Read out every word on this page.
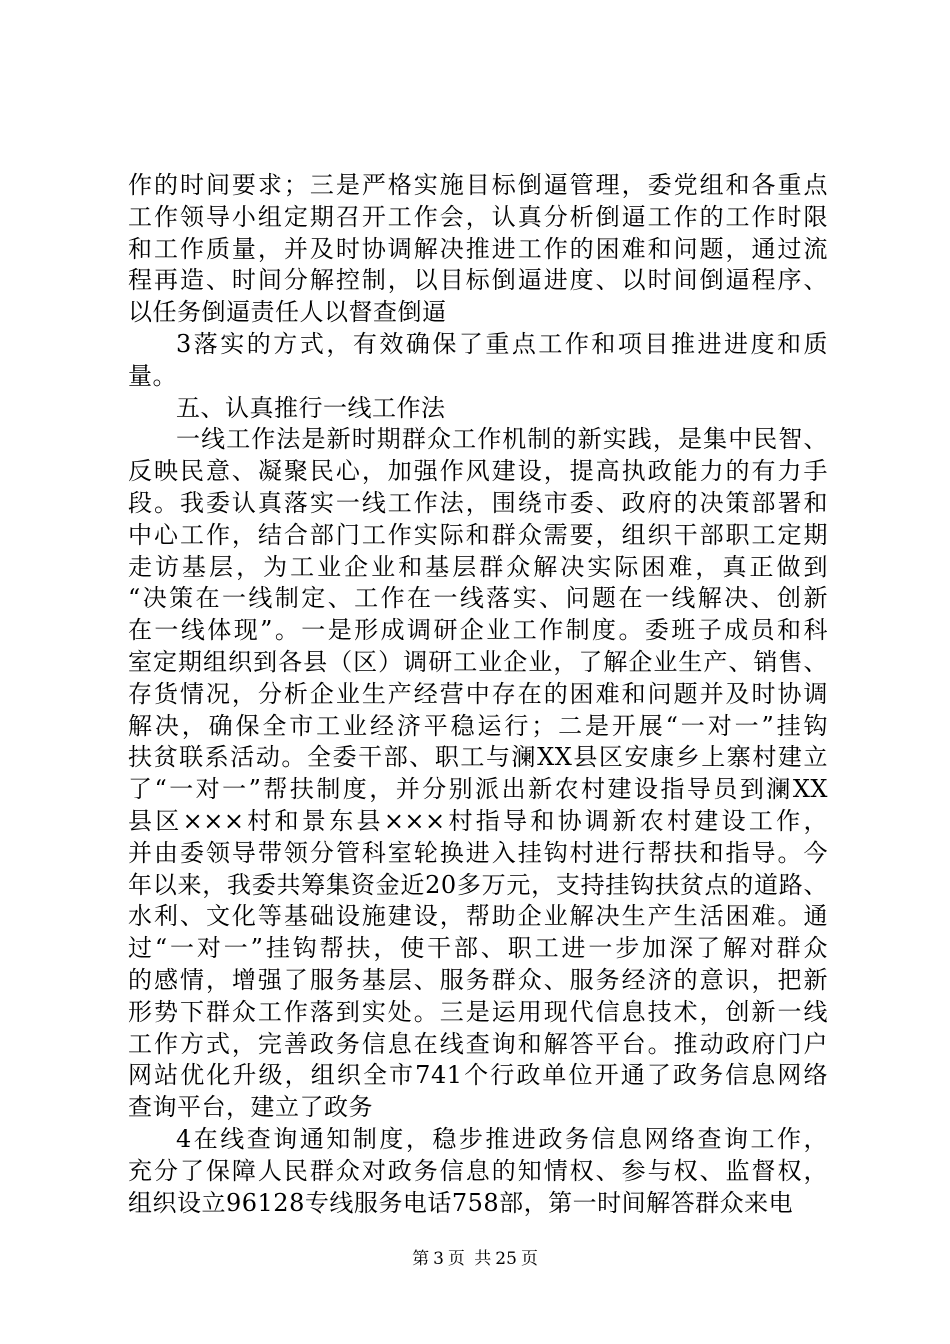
作的时间要求；三是严格实施目标倒逼管理，委党组和各重点
工作领导小组定期召开工作会，认真分析倒逼工作的工作时限
和工作质量，并及时协调解决推进工作的困难和问题，通过流
程再造、时间分解控制，以目标倒逼进度、以时间倒逼程序、
以任务倒逼责任人以督查倒逼
3落实的方式，有效确保了重点工作和项目推进进度和质
量。
五、认真推行一线工作法
一线工作法是新时期群众工作机制的新实践，是集中民智、
反映民意、凝聚民心，加强作风建设，提高执政能力的有力手
段。我委认真落实一线工作法，围绕市委、政府的决策部署和
中心工作，结合部门工作实际和群众需要，组织干部职工定期
走访基层，为工业企业和基层群众解决实际困难，真正做到
“决策在一线制定、工作在一线落实、问题在一线解决、创新
在一线体现”。一是形成调研企业工作制度。委班子成员和科
室定期组织到各县（区）调研工业企业，了解企业生产、销售、
存货情况，分析企业生产经营中存在的困难和问题并及时协调
解决，确保全市工业经济平稳运行；二是开展“一对一”挂钩
扶贫联系活动。全委干部、职工与澜XX县区安康乡上寨村建立
了“一对一”帮扶制度，并分别派出新农村建设指导员到澜XX
县区×××村和景东县×××村指导和协调新农村建设工作，
并由委领导带领分管科室轮换进入挂钩村进行帮扶和指导。今
年以来，我委共筹集资金近20多万元，支持挂钩扶贫点的道路、
水利、文化等基础设施建设，帮助企业解决生产生活困难。通
过“一对一”挂钩帮扶，使干部、职工进一步加深了解对群众
的感情，增强了服务基层、服务群众、服务经济的意识，把新
形势下群众工作落到实处。三是运用现代信息技术，创新一线
工作方式，完善政务信息在线查询和解答平台。推动政府门户
网站优化升级，组织全市741个行政单位开通了政务信息网络
查询平台，建立了政务
4在线查询通知制度，稳步推进政务信息网络查询工作，
充分了保障人民群众对政务信息的知情权、参与权、监督权，
组织设立96128专线服务电话758部，第一时间解答群众来电
第 3 页 共 25 页
